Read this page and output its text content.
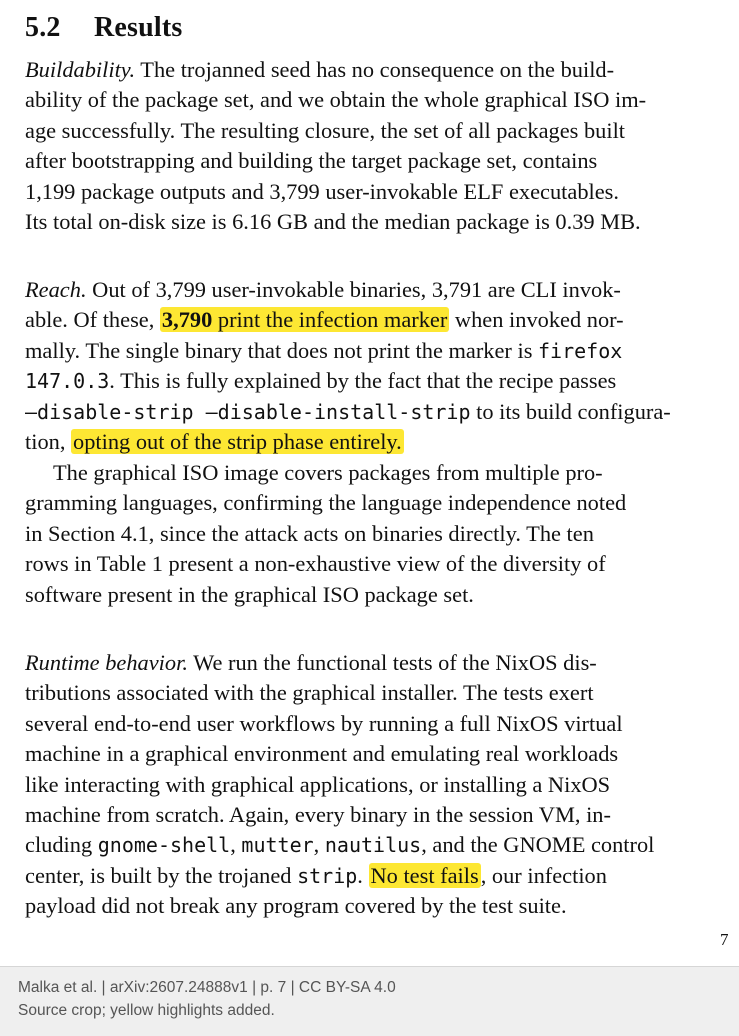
5.2 Results
Buildability. The trojanned seed has no consequence on the build-
ability of the package set, and we obtain the whole graphical ISO im-
age successfully. The resulting closure, the set of all packages built
after bootstrapping and building the target package set, contains
1,199 package outputs and 3,799 user-invokable ELF executables.
Its total on-disk size is 6.16 GB and the median package is 0.39 MB.
Reach. Out of 3,799 user-invokable binaries, 3,791 are CLI invok-
able. Of these, 3,790 print the infection marker when invoked nor-
mally. The single binary that does not print the marker is firefox
147.0.3. This is fully explained by the fact that the recipe passes
–disable-strip –disable-install-strip to its build configura-
tion, opting out of the strip phase entirely.
The graphical ISO image covers packages from multiple pro-
gramming languages, confirming the language independence noted
in Section 4.1, since the attack acts on binaries directly. The ten
rows in Table 1 present a non-exhaustive view of the diversity of
software present in the graphical ISO package set.
Runtime behavior. We run the functional tests of the NixOS dis-
tributions associated with the graphical installer. The tests exert
several end-to-end user workflows by running a full NixOS virtual
machine in a graphical environment and emulating real workloads
like interacting with graphical applications, or installing a NixOS
machine from scratch. Again, every binary in the session VM, in-
cluding gnome-shell, mutter, nautilus, and the GNOME control
center, is built by the trojaned strip. No test fails, our infection
payload did not break any program covered by the test suite.
7
Malka et al. | arXiv:2607.24888v1 | p. 7 | CC BY-SA 4.0
Source crop; yellow highlights added.
